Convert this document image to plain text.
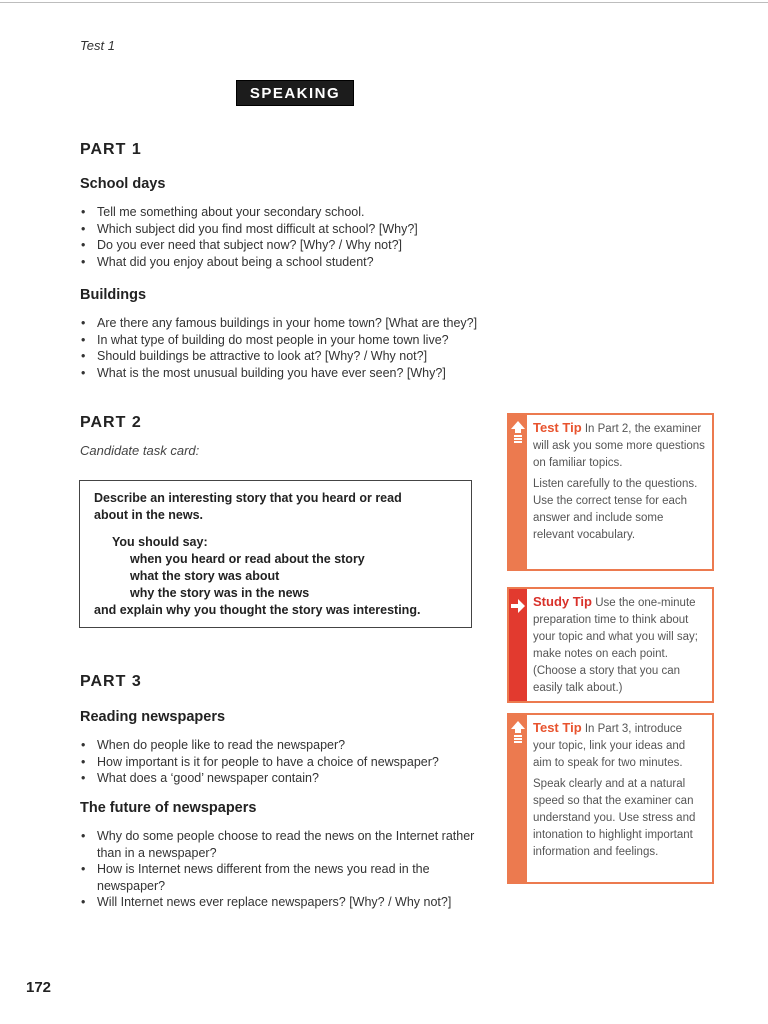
Test 1
SPEAKING
PART 1
School days
• Tell me something about your secondary school.
• Which subject did you find most difficult at school? [Why?]
• Do you ever need that subject now? [Why? / Why not?]
• What did you enjoy about being a school student?
Buildings
• Are there any famous buildings in your home town? [What are they?]
• In what type of building do most people in your home town live?
• Should buildings be attractive to look at? [Why? / Why not?]
• What is the most unusual building you have ever seen? [Why?]
PART 2
Candidate task card:
Describe an interesting story that you heard or read
about in the news.
You should say:
when you heard or read about the story
what the story was about
why the story was in the news
and explain why you thought the story was interesting.
PART 3
Reading newspapers
• When do people like to read the newspaper?
• How important is it for people to have a choice of newspaper?
• What does a ‘good’ newspaper contain?
The future of newspapers
• Why do some people choose to read the news on the Internet rather than in a newspaper?
• How is Internet news different from the news you read in the newspaper?
• Will Internet news ever replace newspapers? [Why? / Why not?]
Test Tip In Part 2, the examiner will ask you some more questions on familiar topics.
Listen carefully to the questions. Use the correct tense for each answer and include some relevant vocabulary.
Study Tip Use the one-minute preparation time to think about your topic and what you will say; make notes on each point. (Choose a story that you can easily talk about.)
Test Tip In Part 3, introduce your topic, link your ideas and aim to speak for two minutes.
Speak clearly and at a natural speed so that the examiner can understand you. Use stress and intonation to highlight important information and feelings.
172
